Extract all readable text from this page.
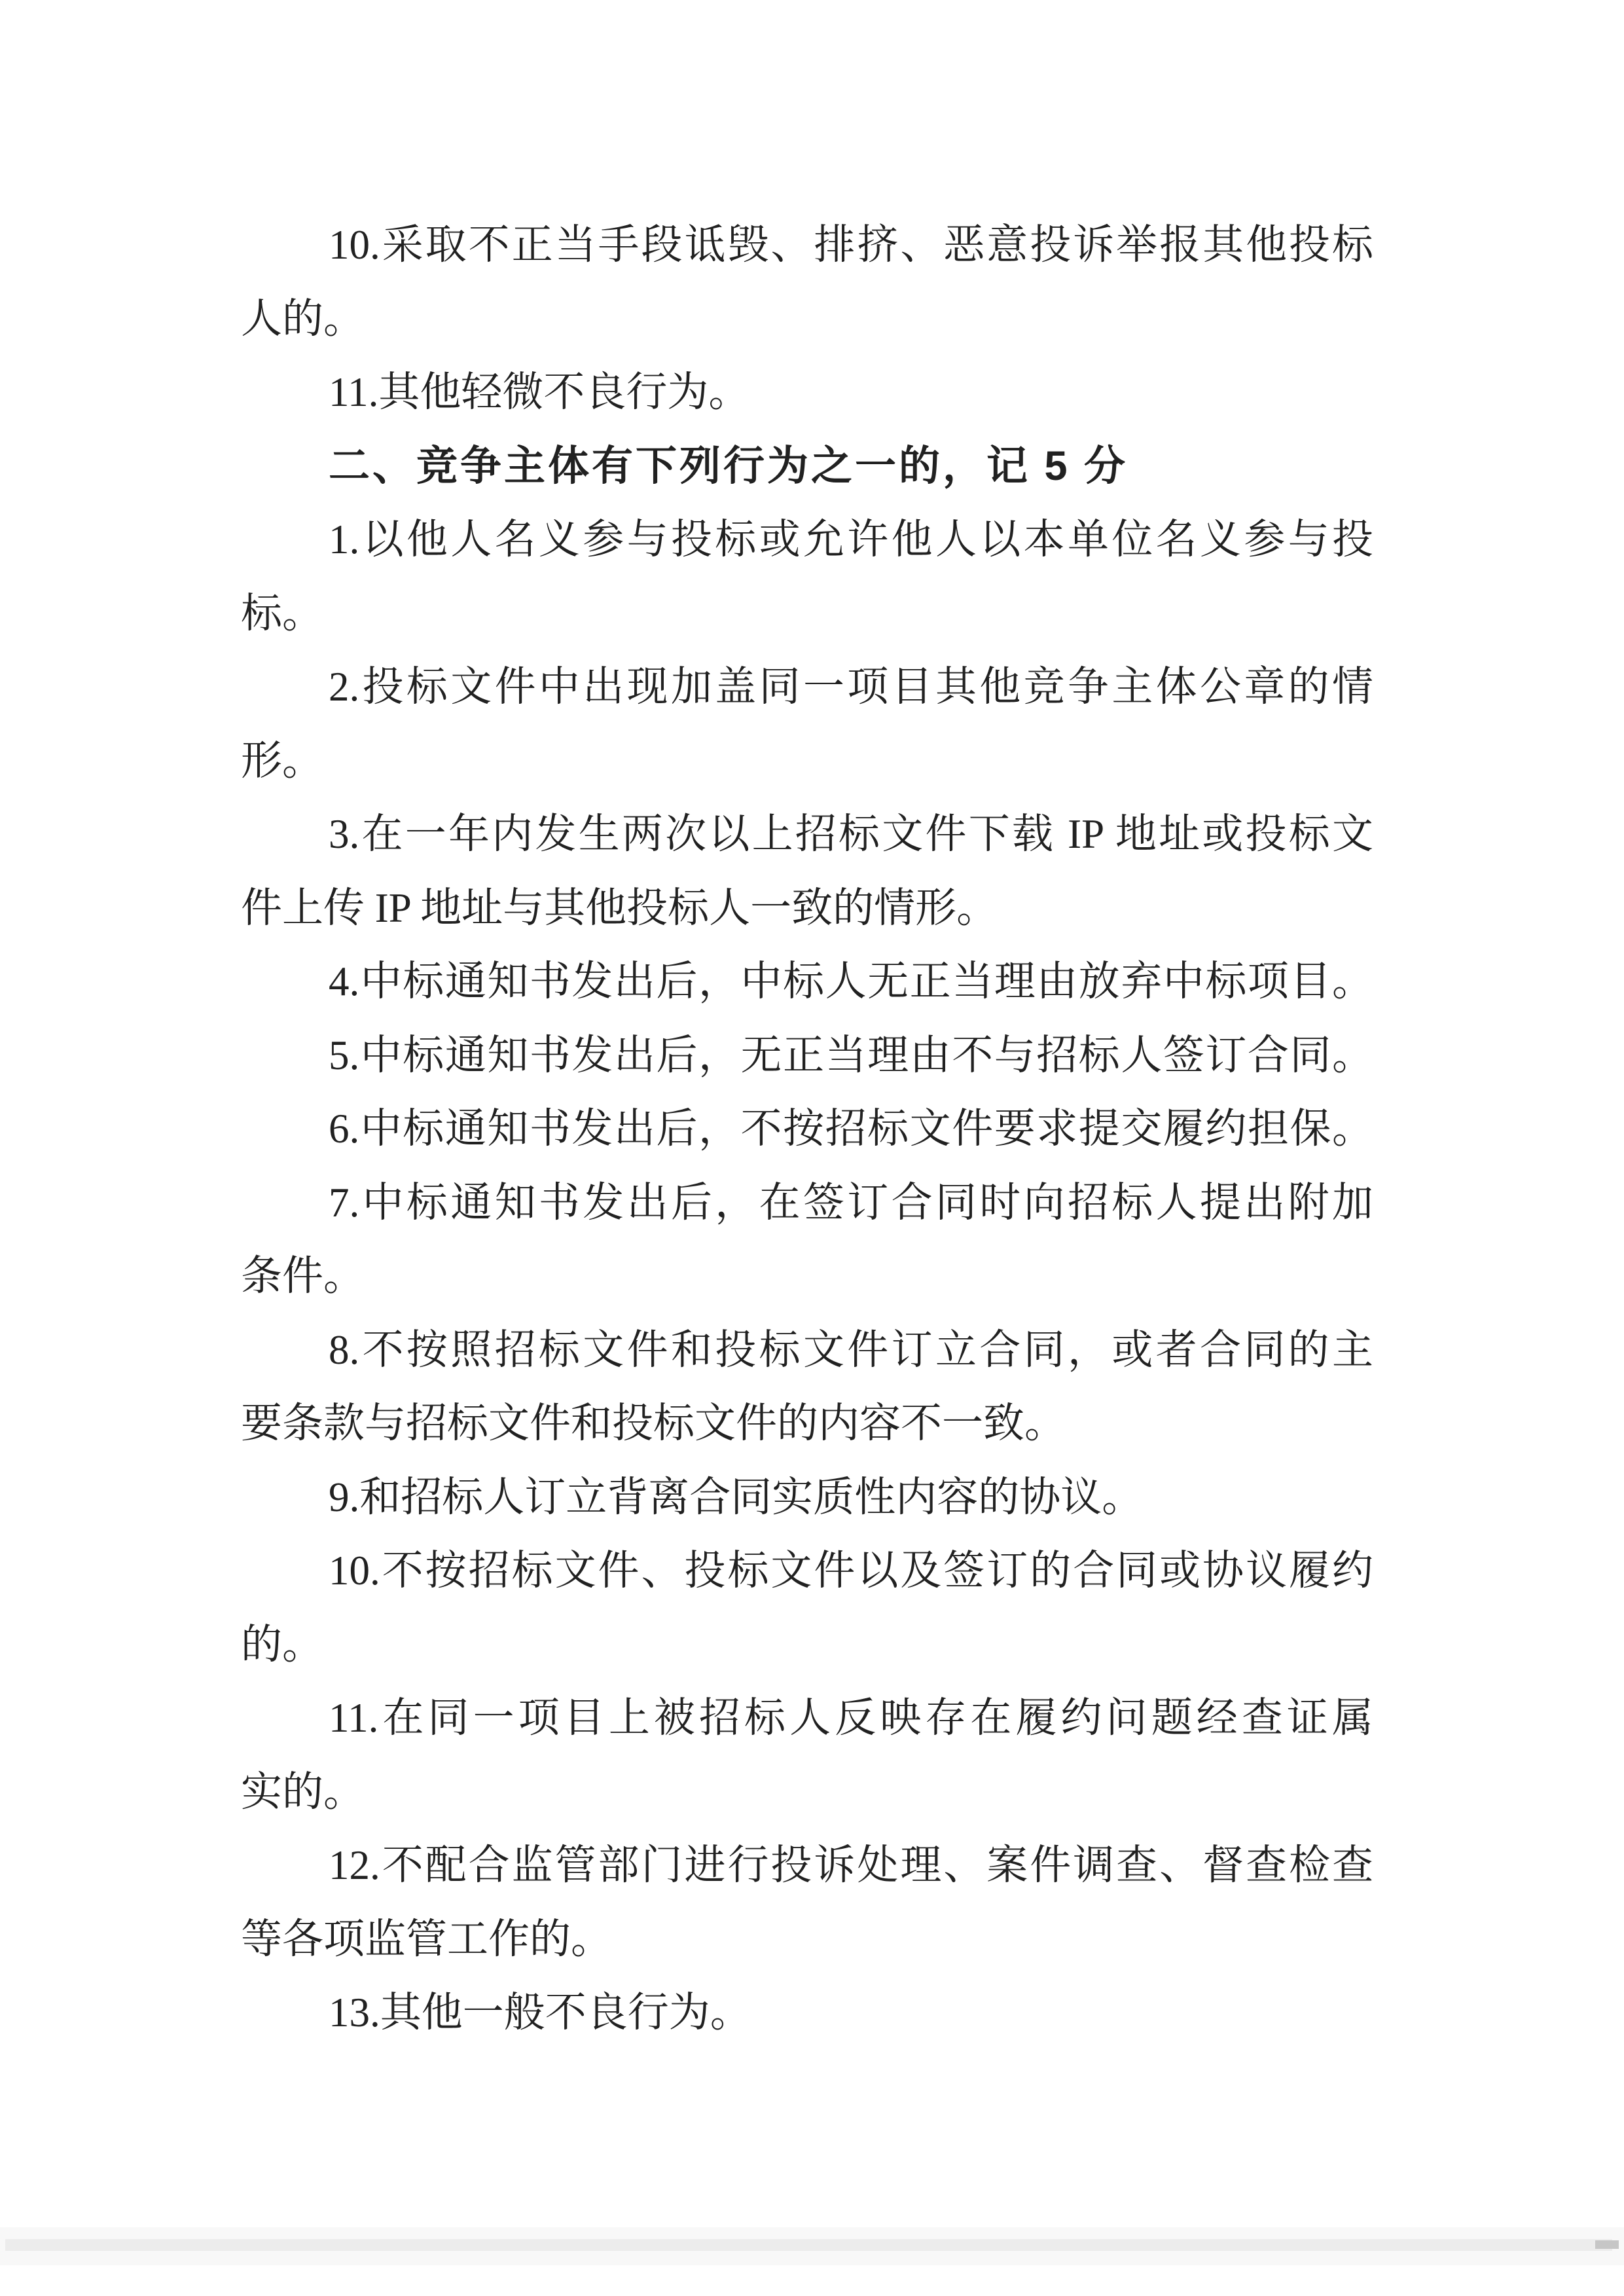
10.采取不正当手段诋毁、排挤、恶意投诉举报其他投标
人的。
11.其他轻微不良行为。
二、竞争主体有下列行为之一的，记 5 分
1.以他人名义参与投标或允许他人以本单位名义参与投
标。
2.投标文件中出现加盖同一项目其他竞争主体公章的情
形。
3.在一年内发生两次以上招标文件下载 IP 地址或投标文
件上传 IP 地址与其他投标人一致的情形。
4.中标通知书发出后，中标人无正当理由放弃中标项目。
5.中标通知书发出后，无正当理由不与招标人签订合同。
6.中标通知书发出后，不按招标文件要求提交履约担保。
7.中标通知书发出后，在签订合同时向招标人提出附加
条件。
8.不按照招标文件和投标文件订立合同，或者合同的主
要条款与招标文件和投标文件的内容不一致。
9.和招标人订立背离合同实质性内容的协议。
10.不按招标文件、投标文件以及签订的合同或协议履约
的。
11.在同一项目上被招标人反映存在履约问题经查证属
实的。
12.不配合监管部门进行投诉处理、案件调查、督查检查
等各项监管工作的。
13.其他一般不良行为。
